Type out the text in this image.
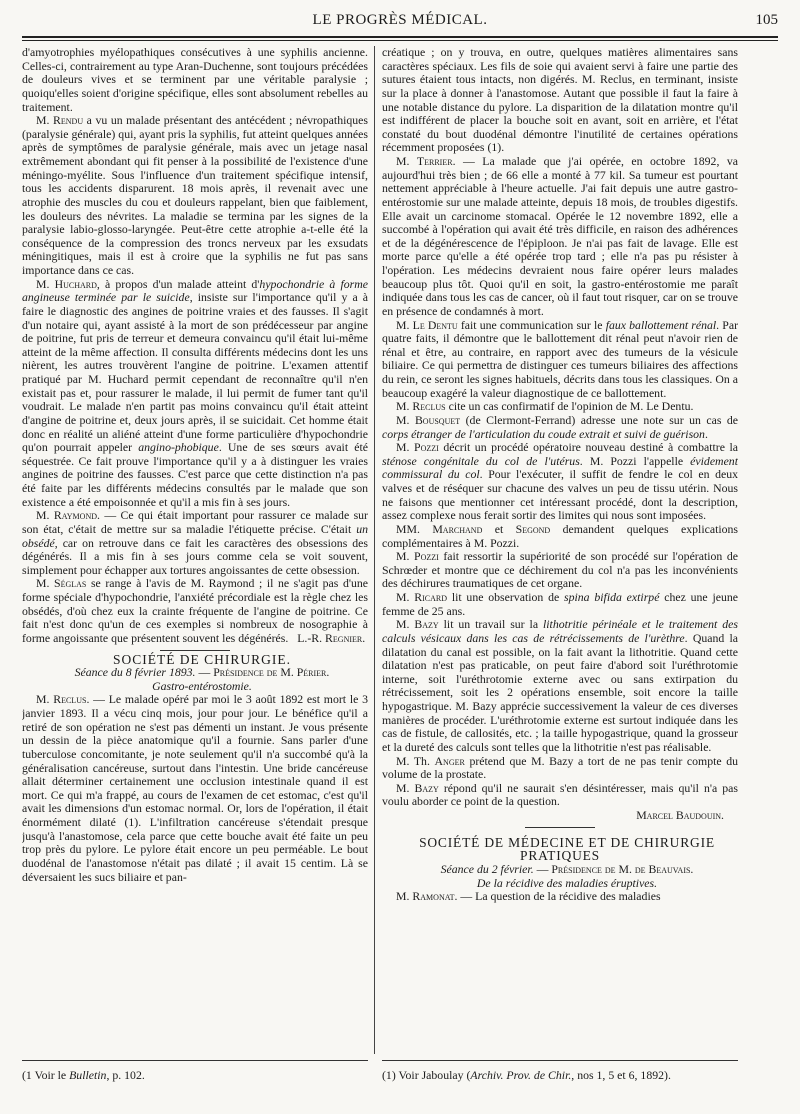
LE PROGRÈS MÉDICAL.	105

d'amyotrophies myélopathiques consécutives à une syphilis ancienne. Celles-ci, contrairement au type Aran-Duchenne, sont toujours précédées de douleurs vives et se terminent par une véritable paralysie ; quoiqu'elles soient d'origine spécifique, elles sont absolument rebelles au traitement.

M. Rendu a vu un malade présentant des antécédent ; névropathiques (paralysie générale) qui, ayant pris la syphilis, fut atteint quelques années après de symptômes de paralysie générale, mais avec un jetage nasal extrêmement abondant qui fit penser à la possibilité de l'existence d'une méningo-myélite. Sous l'influence d'un traitement spécifique intensif, tous les accidents disparurent. 18 mois après, il revenait avec une atrophie des muscles du cou et douleurs rappelant, bien que faiblement, les douleurs des névrites. La maladie se termina par les signes de la paralysie labio-glosso-laryngée. Peut-être cette atrophie a-t-elle été la conséquence de la compression des troncs nerveux par les exsudats méningitiques, mais il est à croire que la syphilis ne fut pas sans importance dans ce cas.

M. Huchard, à propos d'un malade atteint d'hypochondrie à forme angineuse terminée par le suicide, insiste sur l'importance qu'il y a à faire le diagnostic des angines de poitrine vraies et des fausses. Il s'agit d'un notaire qui, ayant assisté à la mort de son prédécesseur par angine de poitrine, fut pris de terreur et demeura convaincu qu'il était lui-même atteint de la même affection. Il consulta différents médecins dont les uns nièrent, les autres trouvèrent l'angine de poitrine. L'examen attentif pratiqué par M. Huchard permit cependant de reconnaître qu'il n'en existait pas et, pour rassurer le malade, il lui permit de fumer tant qu'il voudrait. Le malade n'en partit pas moins convaincu qu'il était atteint d'angine de poitrine et, deux jours après, il se suicidait. Cet homme était donc en réalité un aliéné atteint d'une forme particulière d'hypochondrie qu'on pourrait appeler angino-phobique. Une de ses sœurs avait été séquestrée. Ce fait prouve l'importance qu'il y a à distinguer les vraies angines de poitrine des fausses. C'est parce que cette distinction n'a pas été faite par les différents médecins consultés par le malade que son existence a été empoisonnée et qu'il a mis fin à ses jours.

M. Raymond. — Ce qui était important pour rassurer ce malade sur son état, c'était de mettre sur sa maladie l'étiquette précise. C'était un obsédé, car on retrouve dans ce fait les caractères des obsessions des dégénérés. Il a mis fin à ses jours comme cela se voit souvent, simplement pour échapper aux tortures angoissantes de cette obsession.

M. Séglas se range à l'avis de M. Raymond ; il ne s'agit pas d'une forme spéciale d'hypochondrie, l'anxiété précordiale est la règle chez les obsédés, d'où chez eux la crainte fréquente de l'angine de poitrine. Ce fait n'est donc qu'un de ces exemples si nombreux de nosographie à forme angoissante que présentent souvent les dégénérés. L.-R. Regnier.

SOCIÉTÉ DE CHIRURGIE.

Séance du 8 février 1893. — Présidence de M. Périer.

Gastro-entérostomie.

M. Reclus. — Le malade opéré par moi le 3 août 1892 est mort le 3 janvier 1893. Il a vécu cinq mois, jour pour jour. Le bénéfice qu'il a retiré de son opération ne s'est pas démenti un instant. Je vous présente un dessin de la pièce anatomique qu'il a fournie. Sans parler d'une tuberculose concomitante, je note seulement qu'il n'a succombé qu'à la généralisation cancéreuse, surtout dans l'intestin. Une bride cancéreuse allait déterminer certainement une occlusion intestinale quand il est mort. Ce qui m'a frappé, au cours de l'examen de cet estomac, c'est qu'il avait les dimensions d'un estomac normal. Or, lors de l'opération, il était énormément dilaté (1). L'infiltration cancéreuse s'étendait presque jusqu'à l'anastomose, cela parce que cette bouche avait été faite un peu trop près du pylore. Le pylore était encore un peu perméable. Le bout duodénal de l'anastomose n'était pas dilaté ; il avait 15 centim. Là se déversaient les sucs biliaire et pan-

créatique ; on y trouva, en outre, quelques matières alimentaires sans caractères spéciaux. Les fils de soie qui avaient servi à faire une partie des sutures étaient tous intacts, non digérés. M. Reclus, en terminant, insiste sur la place à donner à l'anastomose. Autant que possible il faut la faire à une notable distance du pylore. La disparition de la dilatation montre qu'il est indifférent de placer la bouche soit en avant, soit en arrière, et l'état constaté du bout duodénal démontre l'inutilité de certaines opérations récemment proposées (1).

M. Terrier. — La malade que j'ai opérée, en octobre 1892, va aujourd'hui très bien ; de 66 elle a monté à 77 kil. Sa tumeur est pourtant nettement appréciable à l'heure actuelle. J'ai fait depuis une autre gastro-entérostomie sur une malade atteinte, depuis 18 mois, de troubles digestifs. Elle avait un carcinome stomacal. Opérée le 12 novembre 1892, elle a succombé à l'opération qui avait été très difficile, en raison des adhérences et de la dégénérescence de l'épiploon. Je n'ai pas fait de lavage. Elle est morte parce qu'elle a été opérée trop tard ; elle n'a pas pu résister à l'opération. Les médecins devraient nous faire opérer leurs malades beaucoup plus tôt. Quoi qu'il en soit, la gastro-entérostomie me paraît indiquée dans tous les cas de cancer, où il faut tout risquer, car on se trouve en présence de condamnés à mort.

M. Le Dentu fait une communication sur le faux ballottement rénal. Par quatre faits, il démontre que le ballottement dit rénal peut n'avoir rien de rénal et être, au contraire, en rapport avec des tumeurs de la vésicule biliaire. Ce qui permettra de distinguer ces tumeurs biliaires des affections du rein, ce seront les signes habituels, décrits dans tous les classiques. On a beaucoup exagéré la valeur diagnostique de ce ballottement.

M. Reclus cite un cas confirmatif de l'opinion de M. Le Dentu.

M. Bousquet (de Clermont-Ferrand) adresse une note sur un cas de corps étranger de l'articulation du coude extrait et suivi de guérison.

M. Pozzi décrit un procédé opératoire nouveau destiné à combattre la sténose congénitale du col de l'utérus. M. Pozzi l'appelle évidement commissural du col. Pour l'exécuter, il suffit de fendre le col en deux valves et de réséquer sur chacune des valves un peu de tissu utérin. Nous ne faisons que mentionner cet intéressant procédé, dont la description, assez complexe nous ferait sortir des limites qui nous sont imposées.

MM. Marchand et Segond demandent quelques explications complémentaires à M. Pozzi.

M. Pozzi fait ressortir la supériorité de son procédé sur l'opération de Schrœder et montre que ce déchirement du col n'a pas les inconvénients des déchirures traumatiques de cet organe.

M. Ricard lit une observation de spina bifida extirpé chez une jeune femme de 25 ans.

M. Bazy lit un travail sur la lithotritie périnéale et le traitement des calculs vésicaux dans les cas de rétrécissements de l'urèthre. Quand la dilatation du canal est possible, on la fait avant la lithotritie. Quand cette dilatation n'est pas praticable, on peut faire d'abord soit l'uréthrotomie interne, soit l'uréthrotomie externe avec ou sans extirpation du rétrécissement, soit les 2 opérations ensemble, soit encore la taille hypogastrique. M. Bazy apprécie successivement la valeur de ces diverses manières de procéder. L'uréthrotomie externe est surtout indiquée dans les cas de fistule, de callosités, etc. ; la taille hypogastrique, quand la grosseur et la dureté des calculs sont telles que la lithotritie n'est pas réalisable.

M. Th. Anger prétend que M. Bazy a tort de ne pas tenir compte du volume de la prostate.

M. Bazy répond qu'il ne saurait s'en désintéresser, mais qu'il n'a pas voulu aborder ce point de la question.

Marcel Baudouin.

SOCIÉTÉ DE MÉDECINE ET DE CHIRURGIE PRATIQUES

Séance du 2 février. — Présidence de M. de Beauvais.

De la récidive des maladies éruptives.

M. Ramonat. — La question de la récidive des maladies

(1 Voir le Bulletin, p. 102.	(1) Voir Jaboulay (Archiv. Prov. de Chir., nos 1, 5 et 6, 1892).
